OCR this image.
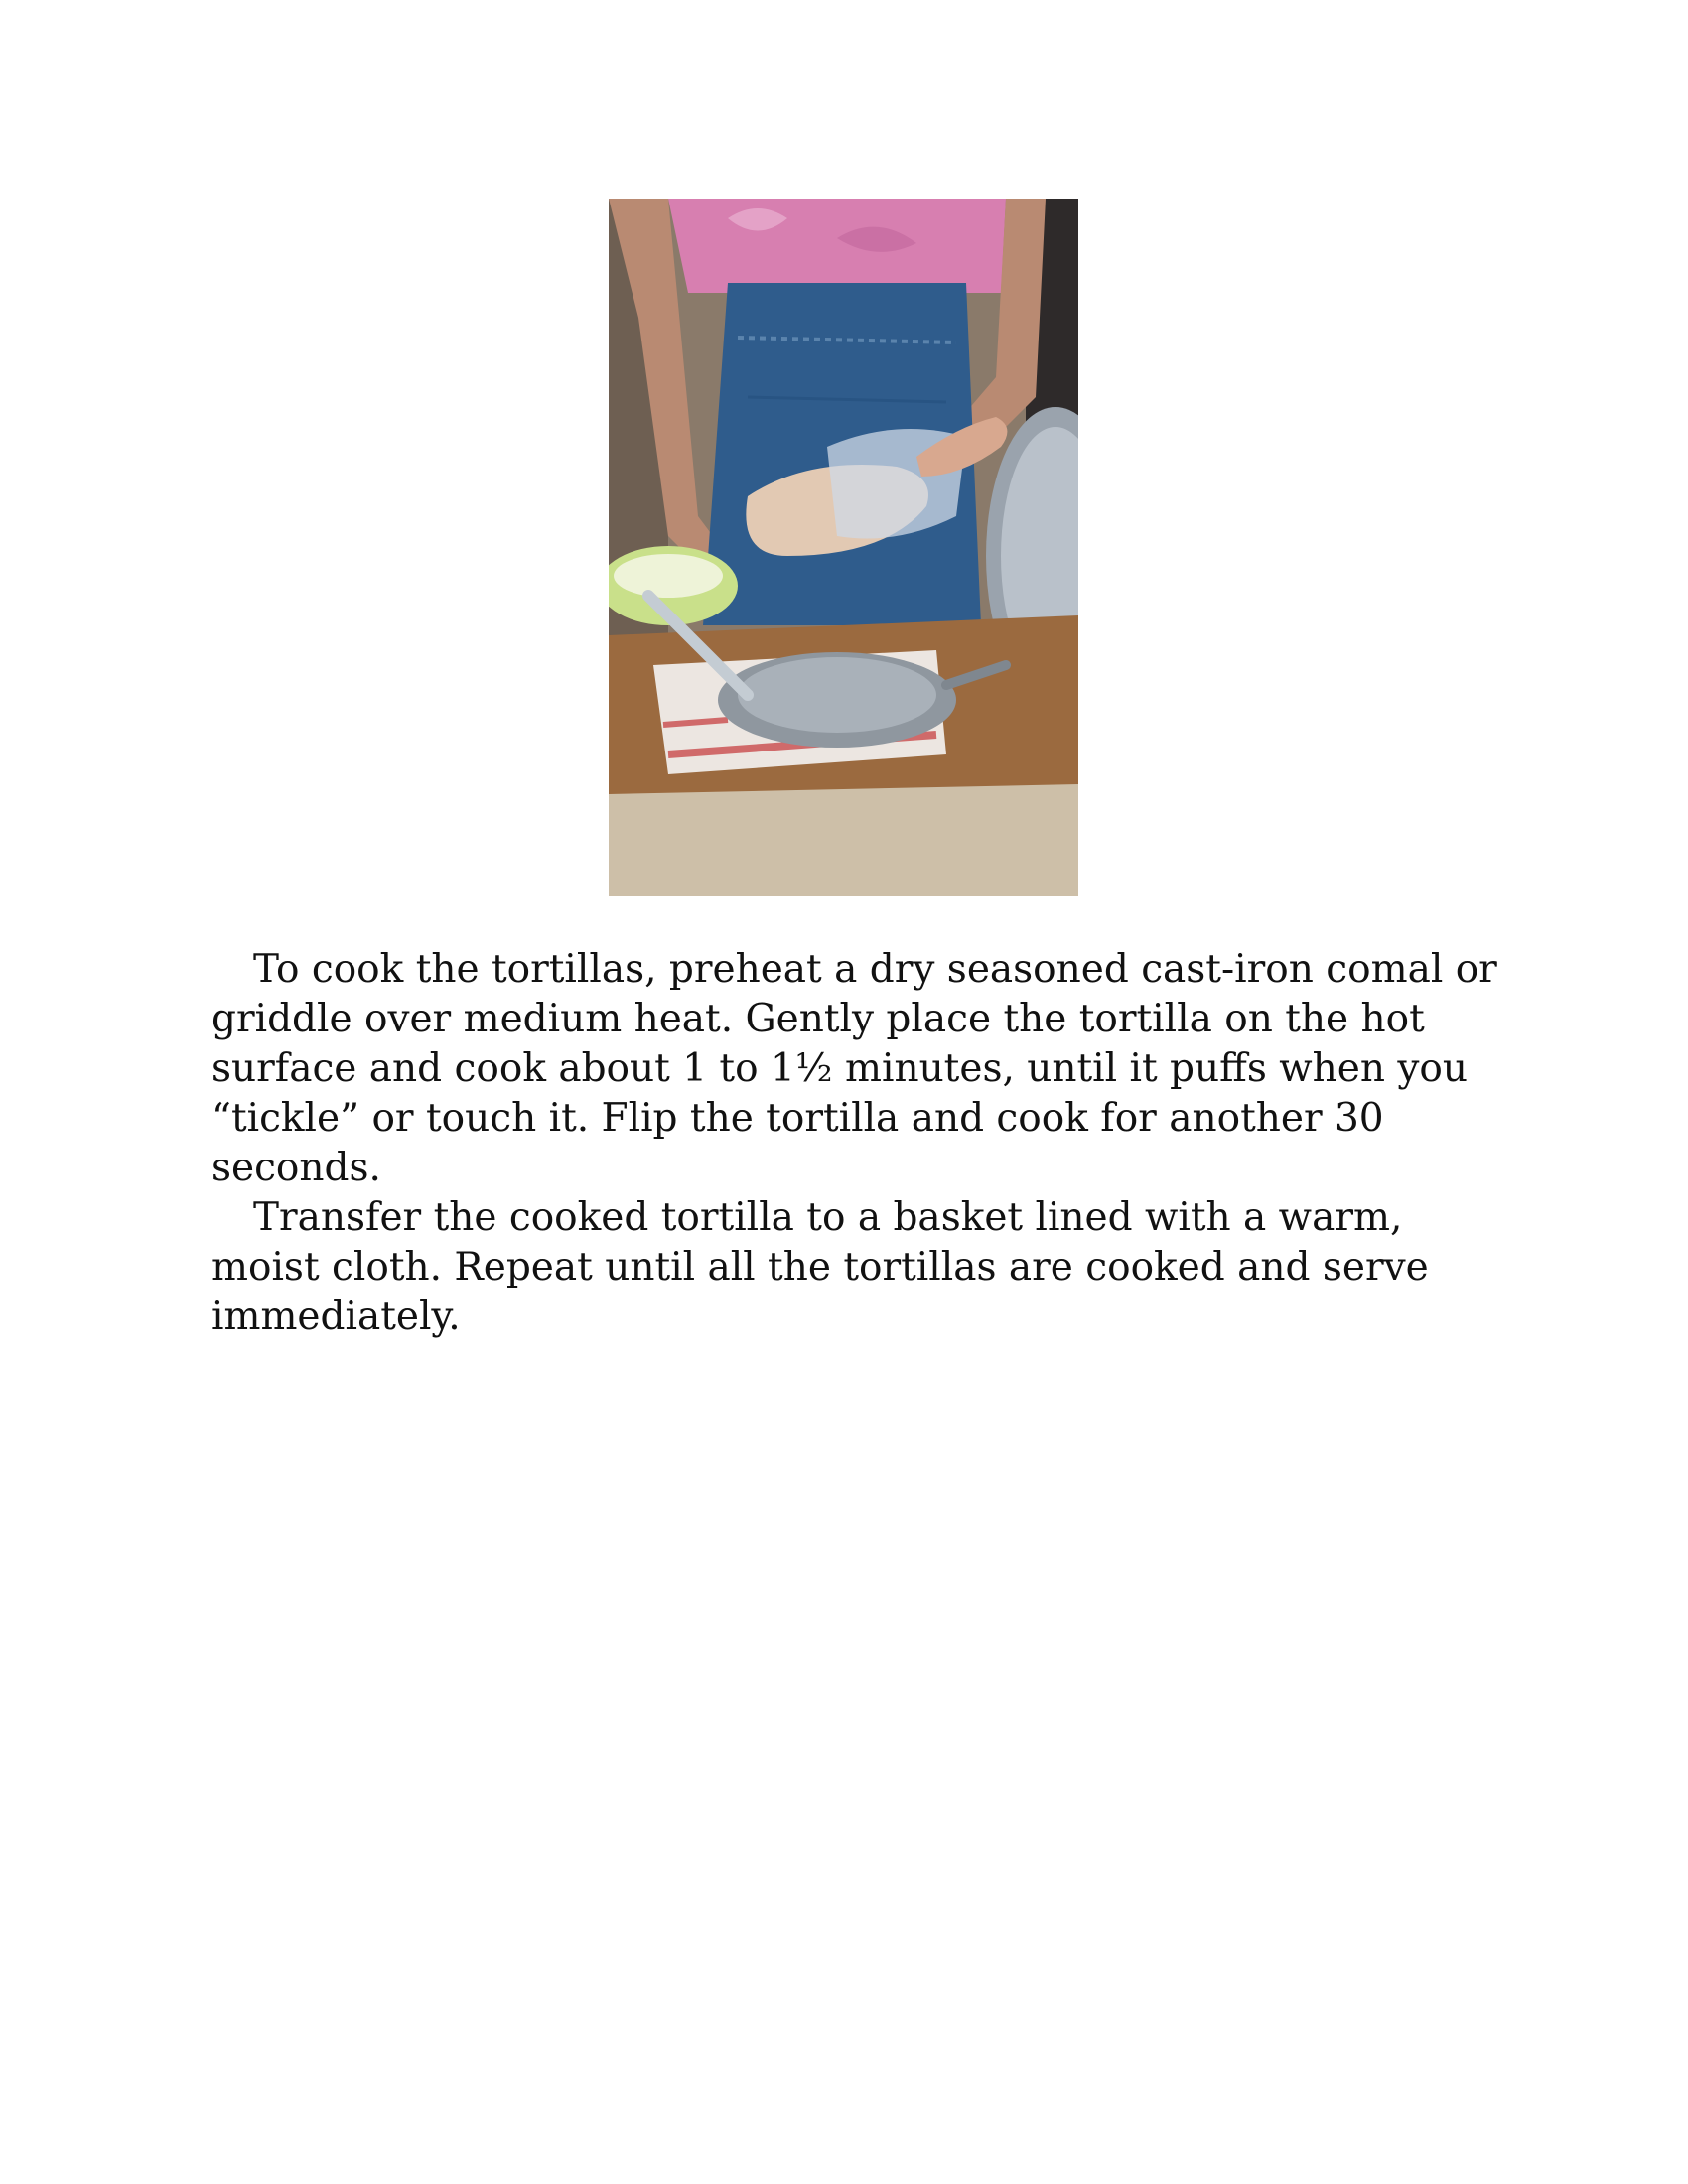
To cook the tortillas, preheat a dry seasoned cast-iron comal or griddle over medium heat. Gently place the tortilla on the hot surface and cook about 1 to 1½ minutes, until it puffs when you “tickle” or touch it. Flip the tortilla and cook for another 30 seconds.

Transfer the cooked tortilla to a basket lined with a warm, moist cloth. Repeat until all the tortillas are cooked and serve immediately.
